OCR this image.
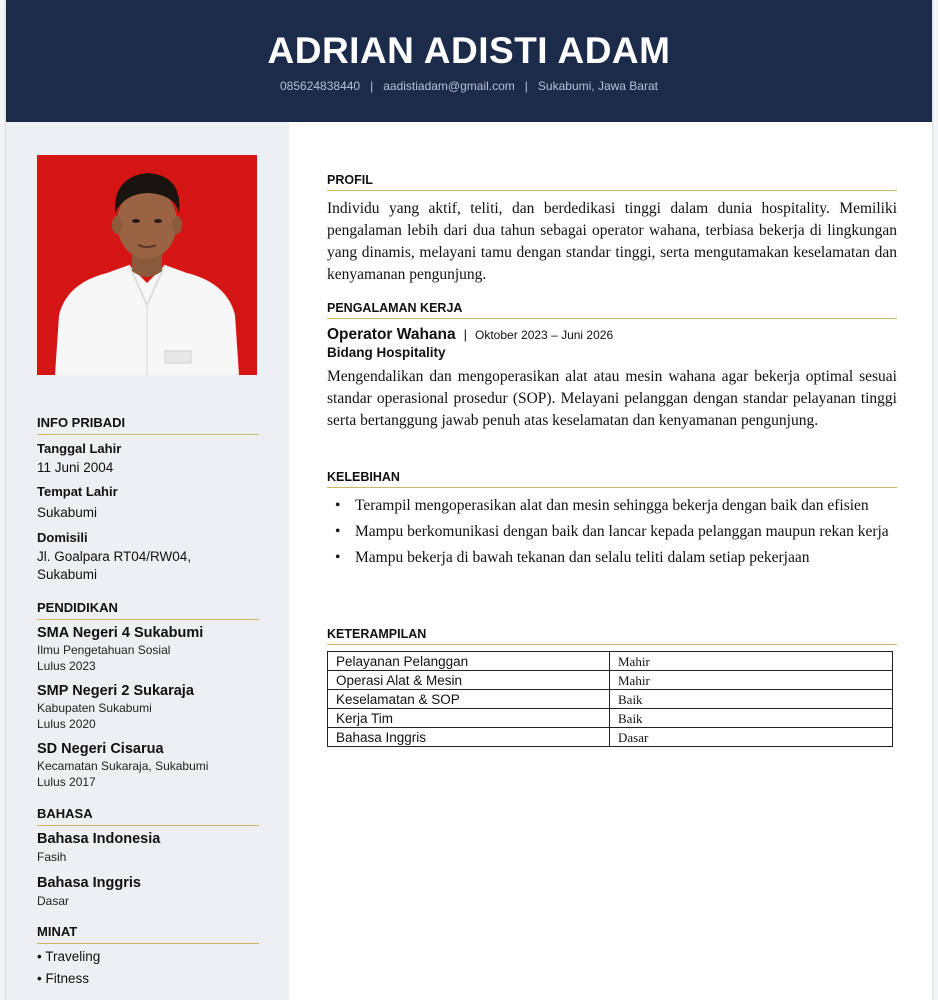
ADRIAN ADISTI ADAM
085624838440 | aadistiadam@gmail.com | Sukabumi, Jawa Barat
INFO PRIBADI
Tanggal Lahir
11 Juni 2004
Tempat Lahir
Sukabumi
Domisili
Jl. Goalpara RT04/RW04, Sukabumi
PENDIDIKAN
SMA Negeri 4 Sukabumi
Ilmu Pengetahuan Sosial
Lulus 2023
SMP Negeri 2 Sukaraja
Kabupaten Sukabumi
Lulus 2020
SD Negeri Cisarua
Kecamatan Sukaraja, Sukabumi
Lulus 2017
BAHASA
Bahasa Indonesia
Fasih
Bahasa Inggris
Dasar
MINAT
• Traveling
• Fitness
PROFIL
Individu yang aktif, teliti, dan berdedikasi tinggi dalam dunia hospitality. Memiliki pengalaman lebih dari dua tahun sebagai operator wahana, terbiasa bekerja di lingkungan yang dinamis, melayani tamu dengan standar tinggi, serta mengutamakan keselamatan dan kenyamanan pengunjung.
PENGALAMAN KERJA
Operator Wahana | Oktober 2023 – Juni 2026
Bidang Hospitality
Mengendalikan dan mengoperasikan alat atau mesin wahana agar bekerja optimal sesuai standar operasional prosedur (SOP). Melayani pelanggan dengan standar pelayanan tinggi serta bertanggung jawab penuh atas keselamatan dan kenyamanan pengunjung.
KELEBIHAN
• Terampil mengoperasikan alat dan mesin sehingga bekerja dengan baik dan efisien
• Mampu berkomunikasi dengan baik dan lancar kepada pelanggan maupun rekan kerja
• Mampu bekerja di bawah tekanan dan selalu teliti dalam setiap pekerjaan
KETERAMPILAN
Pelayanan Pelanggan	Mahir
Operasi Alat & Mesin	Mahir
Keselamatan & SOP	Baik
Kerja Tim	Baik
Bahasa Inggris	Dasar
